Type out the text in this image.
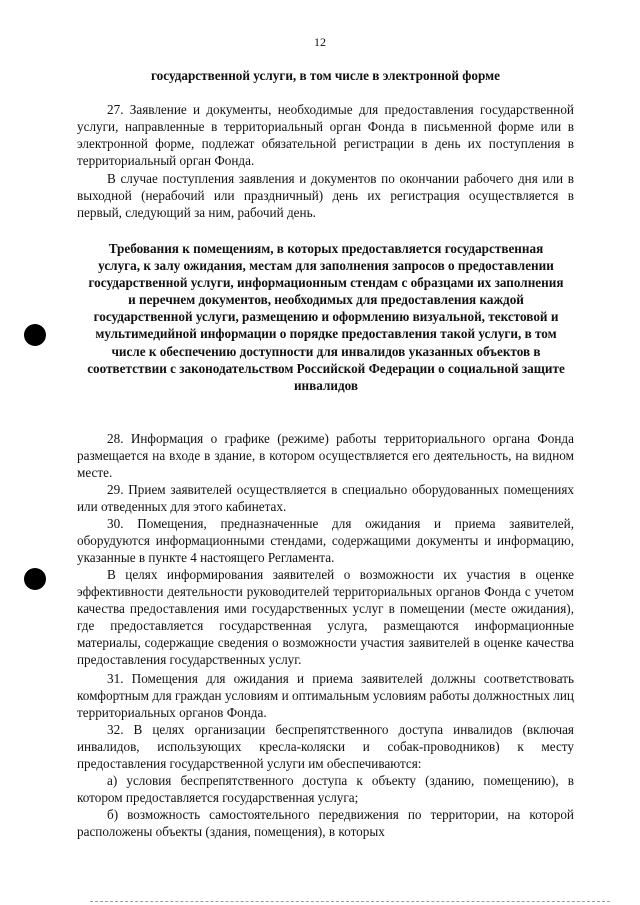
12
государственной услуги, в том числе в электронной форме

27. Заявление и документы, необходимые для предоставления государственной услуги, направленные в территориальный орган Фонда в письменной форме или в электронной форме, подлежат обязательной регистрации в день их поступления в территориальный орган Фонда.

В случае поступления заявления и документов по окончании рабочего дня или в выходной (нерабочий или праздничный) день их регистрация осуществляется в первый, следующий за ним, рабочий день.

Требования к помещениям, в которых предоставляется государственная услуга, к залу ожидания, местам для заполнения запросов о предоставлении государственной услуги, информационным стендам с образцами их заполнения и перечнем документов, необходимых для предоставления каждой государственной услуги, размещению и оформлению визуальной, текстовой и мультимедийной информации о порядке предоставления такой услуги, в том числе к обеспечению доступности для инвалидов указанных объектов в соответствии с законодательством Российской Федерации о социальной защите инвалидов

28. Информация о графике (режиме) работы территориального органа Фонда размещается на входе в здание, в котором осуществляется его деятельность, на видном месте.

29. Прием заявителей осуществляется в специально оборудованных помещениях или отведенных для этого кабинетах.

30. Помещения, предназначенные для ожидания и приема заявителей, оборудуются информационными стендами, содержащими документы и информацию, указанные в пункте 4 настоящего Регламента.

В целях информирования заявителей о возможности их участия в оценке эффективности деятельности руководителей территориальных органов Фонда с учетом качества предоставления ими государственных услуг в помещении (месте ожидания), где предоставляется государственная услуга, размещаются информационные материалы, содержащие сведения о возможности участия заявителей в оценке качества предоставления государственных услуг.

31. Помещения для ожидания и приема заявителей должны соответствовать комфортным для граждан условиям и оптимальным условиям работы должностных лиц территориальных органов Фонда.

32. В целях организации беспрепятственного доступа инвалидов (включая инвалидов, использующих кресла-коляски и собак-проводников) к месту предоставления государственной услуги им обеспечиваются:

а) условия беспрепятственного доступа к объекту (зданию, помещению), в котором предоставляется государственная услуга;

б) возможность самостоятельного передвижения по территории, на которой расположены объекты (здания, помещения), в которых
